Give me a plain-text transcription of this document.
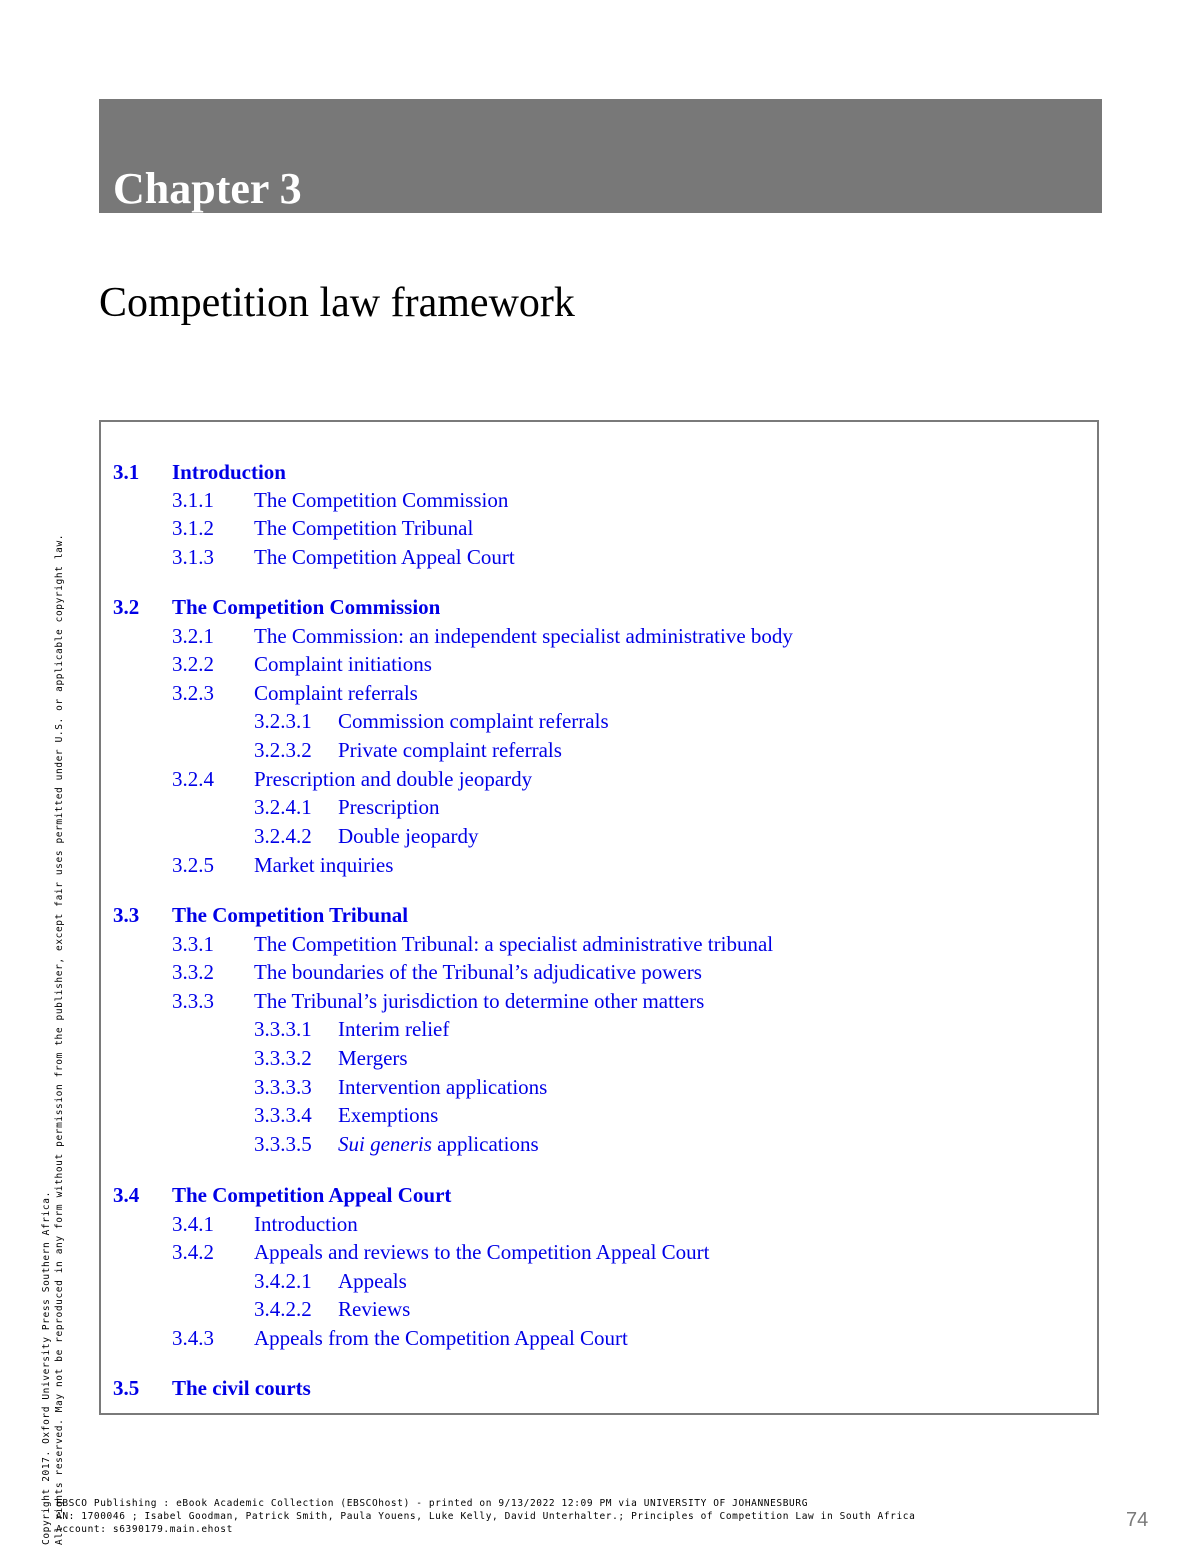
Chapter 3
Competition law framework
3.1 Introduction
3.1.1 The Competition Commission
3.1.2 The Competition Tribunal
3.1.3 The Competition Appeal Court
3.2 The Competition Commission
3.2.1 The Commission: an independent specialist administrative body
3.2.2 Complaint initiations
3.2.3 Complaint referrals
3.2.3.1 Commission complaint referrals
3.2.3.2 Private complaint referrals
3.2.4 Prescription and double jeopardy
3.2.4.1 Prescription
3.2.4.2 Double jeopardy
3.2.5 Market inquiries
3.3 The Competition Tribunal
3.3.1 The Competition Tribunal: a specialist administrative tribunal
3.3.2 The boundaries of the Tribunal’s adjudicative powers
3.3.3 The Tribunal’s jurisdiction to determine other matters
3.3.3.1 Interim relief
3.3.3.2 Mergers
3.3.3.3 Intervention applications
3.3.3.4 Exemptions
3.3.3.5 Sui generis applications
3.4 The Competition Appeal Court
3.4.1 Introduction
3.4.2 Appeals and reviews to the Competition Appeal Court
3.4.2.1 Appeals
3.4.2.2 Reviews
3.4.3 Appeals from the Competition Appeal Court
3.5 The civil courts
Copyright 2017. Oxford University Press Southern Africa. All rights reserved. May not be reproduced in any form without permission from the publisher, except fair uses permitted under U.S. or applicable copyright law.
EBSCO Publishing : eBook Academic Collection (EBSCOhost) - printed on 9/13/2022 12:09 PM via UNIVERSITY OF JOHANNESBURG
AN: 1700046 ; Isabel Goodman, Patrick Smith, Paula Youens, Luke Kelly, David Unterhalter.; Principles of Competition Law in South Africa
Account: s6390179.main.ehost	74
